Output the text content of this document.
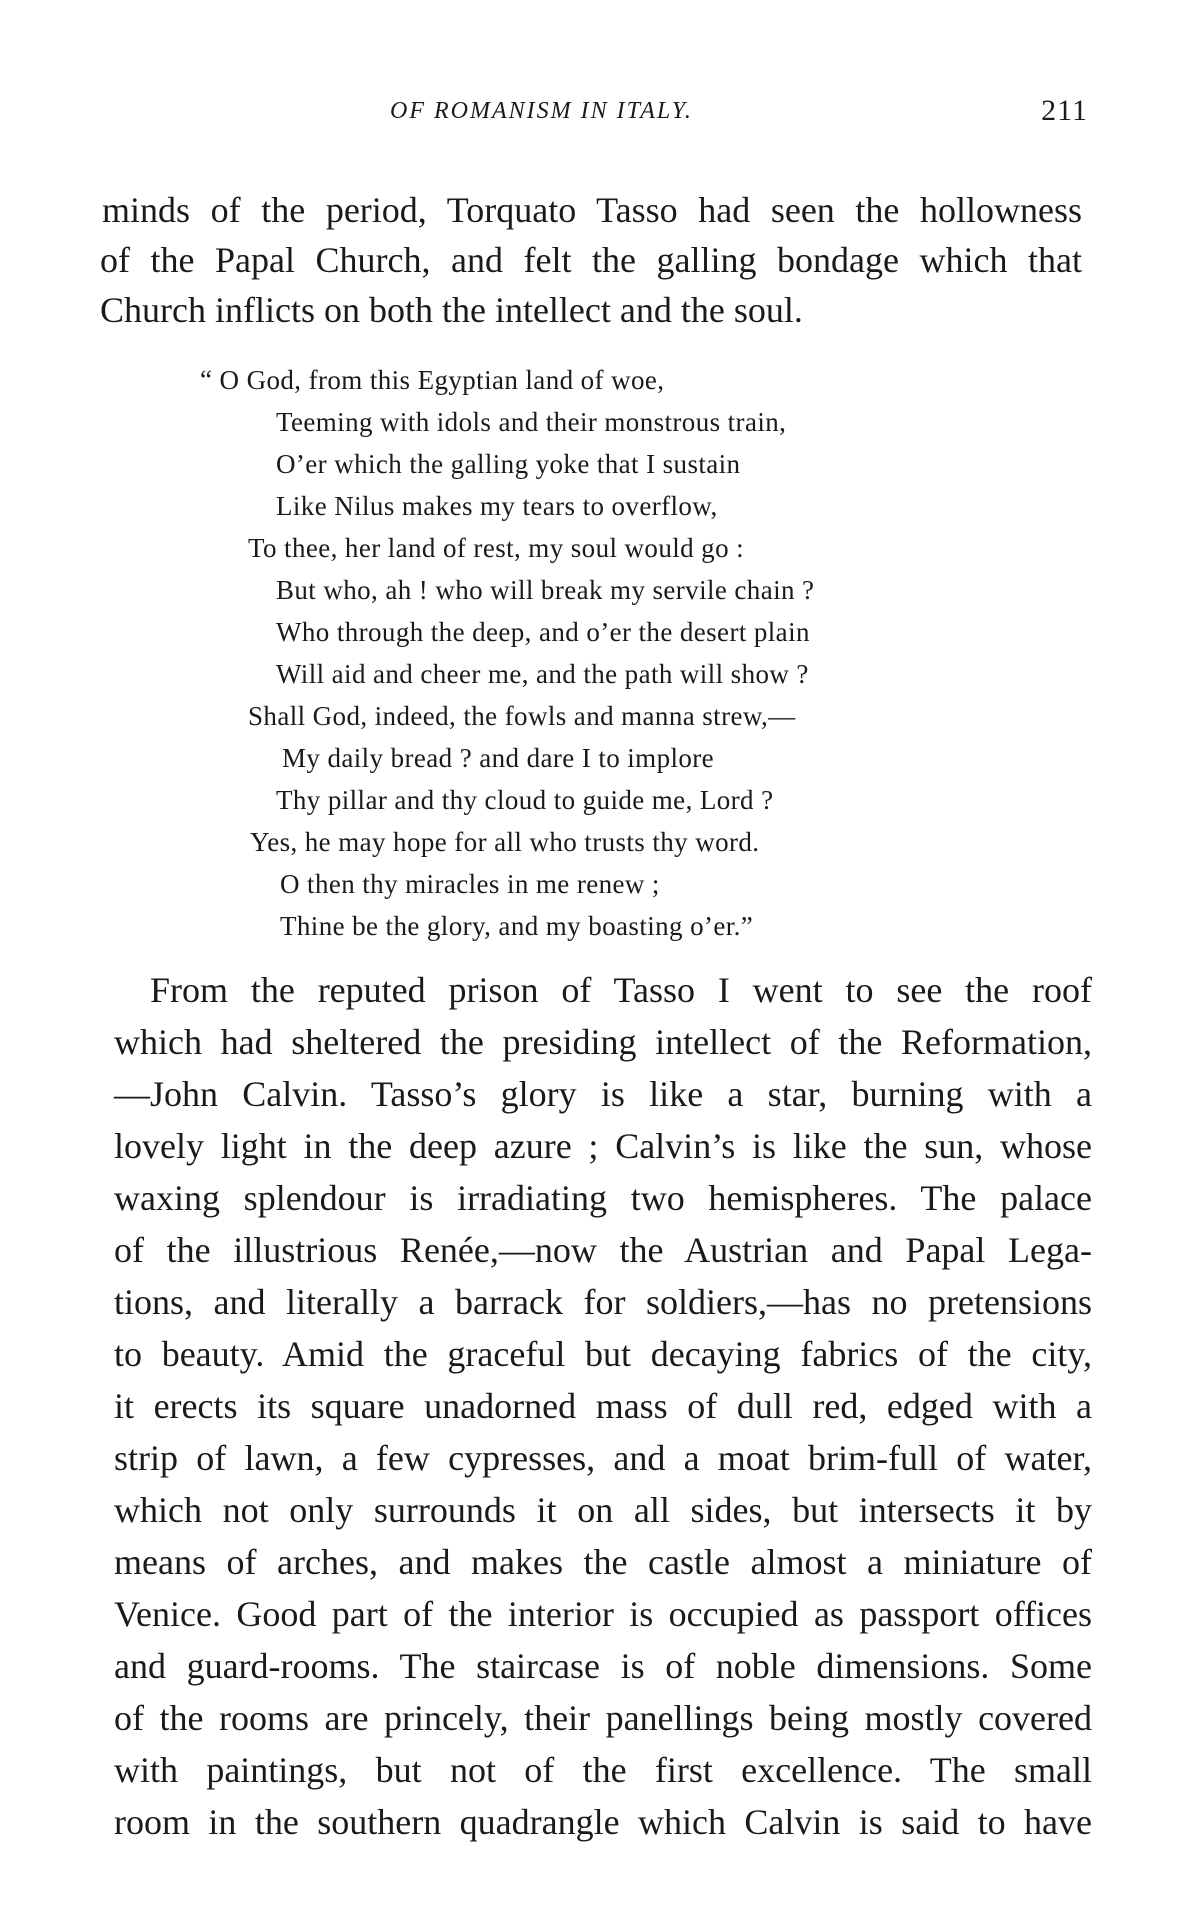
OF ROMANISM IN ITALY.	211
minds of the period, Torquato Tasso had seen the hollowness
of the Papal Church, and felt the galling bondage which that
Church inflicts on both the intellect and the soul.
“ O God, from this Egyptian land of woe,
Teeming with idols and their monstrous train,
O’er which the galling yoke that I sustain
Like Nilus makes my tears to overflow,
To thee, her land of rest, my soul would go :
But who, ah ! who will break my servile chain ?
Who through the deep, and o’er the desert plain
Will aid and cheer me, and the path will show ?
Shall God, indeed, the fowls and manna strew,—
My daily bread ? and dare I to implore
Thy pillar and thy cloud to guide me, Lord ?
Yes, he may hope for all who trusts thy word.
O then thy miracles in me renew ;
Thine be the glory, and my boasting o’er.”
From the reputed prison of Tasso I went to see the roof
which had sheltered the presiding intellect of the Reformation,
—John Calvin. Tasso’s glory is like a star, burning with a
lovely light in the deep azure ; Calvin’s is like the sun, whose
waxing splendour is irradiating two hemispheres. The palace
of the illustrious Renée,—now the Austrian and Papal Lega-
tions, and literally a barrack for soldiers,—has no pretensions
to beauty. Amid the graceful but decaying fabrics of the city,
it erects its square unadorned mass of dull red, edged with a
strip of lawn, a few cypresses, and a moat brim-full of water,
which not only surrounds it on all sides, but intersects it by
means of arches, and makes the castle almost a miniature of
Venice. Good part of the interior is occupied as passport offices
and guard-rooms. The staircase is of noble dimensions. Some
of the rooms are princely, their panellings being mostly covered
with paintings, but not of the first excellence. The small
room in the southern quadrangle which Calvin is said to have
